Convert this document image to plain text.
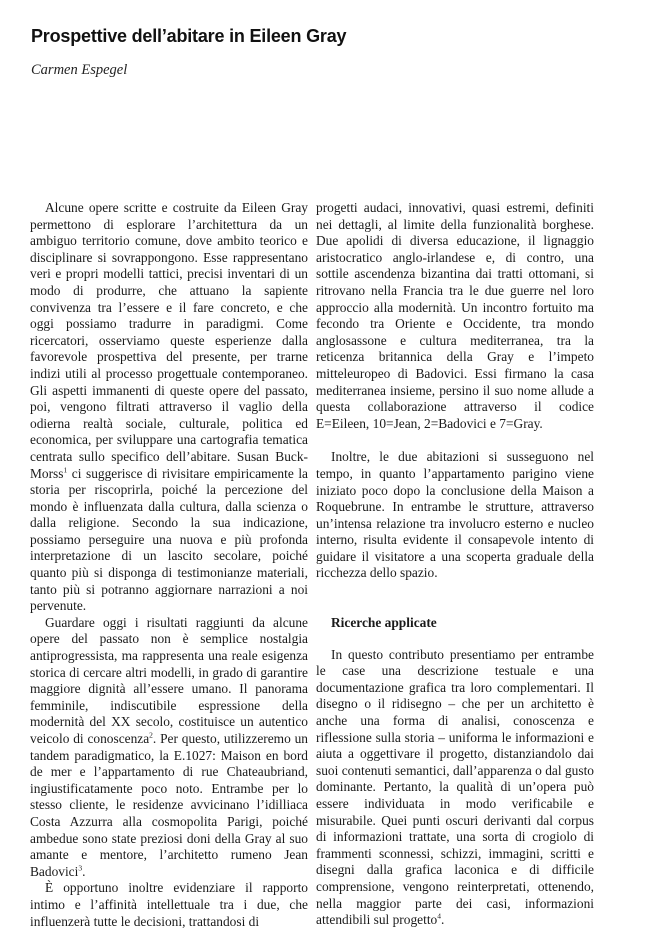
Prospettive dell’abitare in Eileen Gray

Carmen Espegel

Alcune opere scritte e costruite da Eileen Gray permettono di esplorare l’architettura da un ambiguo territorio comune, dove ambito teorico e disciplinare si sovrappongono. Esse rappresentano veri e propri modelli tattici, precisi inventari di un modo di produrre, che attuano la sapiente convivenza tra l’essere e il fare concreto, e che oggi possiamo tradurre in paradigmi. Come ricercatori, osserviamo queste esperienze dalla favorevole prospettiva del presente, per trarne indizi utili al processo progettuale contemporaneo. Gli aspetti immanenti di queste opere del passato, poi, vengono filtrati attraverso il vaglio della odierna realtà sociale, culturale, politica ed economica, per sviluppare una cartografia tematica centrata sullo specifico dell’abitare. Susan Buck-Morss$^1$ ci suggerisce di rivisitare empiricamente la storia per riscoprirla, poiché la percezione del mondo è influenzata dalla cultura, dalla scienza o dalla religione. Secondo la sua indicazione, possiamo perseguire una nuova e più profonda interpretazione di un lascito secolare, poiché quanto più si disponga di testimonianze materiali, tanto più si potranno aggiornare narrazioni a noi pervenute.

Guardare oggi i risultati raggiunti da alcune opere del passato non è semplice nostalgia antiprogressista, ma rappresenta una reale esigenza storica di cercare altri modelli, in grado di garantire maggiore dignità all’essere umano. Il panorama femminile, indiscutibile espressione della modernità del XX secolo, costituisce un autentico veicolo di conoscenza$^2$. Per questo, utilizzeremo un tandem paradigmatico, la E.1027: Maison en bord de mer e l’appartamento di rue Chateaubriand, ingiustificatamente poco noto. Entrambe per lo stesso cliente, le residenze avvicinano l’idilliaca Costa Azzurra alla cosmopolita Parigi, poiché ambedue sono state preziosi doni della Gray al suo amante e mentore, l’architetto rumeno Jean Badovici$^3$.

È opportuno inoltre evidenziare il rapporto intimo e l’affinità intellettuale tra i due, che influenzerà tutte le decisioni, trattandosi di

progetti audaci, innovativi, quasi estremi, definiti nei dettagli, al limite della funzionalità borghese. Due apolidi di diversa educazione, il lignaggio aristocratico anglo-irlandese e, di contro, una sottile ascendenza bizantina dai tratti ottomani, si ritrovano nella Francia tra le due guerre nel loro approccio alla modernità. Un incontro fortuito ma fecondo tra Oriente e Occidente, tra mondo anglosassone e cultura mediterranea, tra la reticenza britannica della Gray e l’impeto mitteleuropeo di Badovici. Essi firmano la casa mediterranea insieme, persino il suo nome allude a questa collaborazione attraverso il codice E=Eileen, 10=Jean, 2=Badovici e 7=Gray.

Inoltre, le due abitazioni si susseguono nel tempo, in quanto l’appartamento parigino viene iniziato poco dopo la conclusione della Maison a Roquebrune. In entrambe le strutture, attraverso un’intensa relazione tra involucro esterno e nucleo interno, risulta evidente il consapevole intento di guidare il visitatore a una scoperta graduale della ricchezza dello spazio.

Ricerche applicate

In questo contributo presentiamo per entrambe le case una descrizione testuale e una documentazione grafica tra loro complementari. Il disegno o il ridisegno – che per un architetto è anche una forma di analisi, conoscenza e riflessione sulla storia – uniforma le informazioni e aiuta a oggettivare il progetto, distanziandolo dai suoi contenuti semantici, dall’apparenza o dal gusto dominante. Pertanto, la qualità di un’opera può essere individuata in modo verificabile e misurabile. Quei punti oscuri derivanti dal corpus di informazioni trattate, una sorta di crogiolo di frammenti sconnessi, schizzi, immagini, scritti e disegni dalla grafica laconica e di difficile comprensione, vengono reinterpretati, ottenendo, nella maggior parte dei casi, informazioni attendibili sul progetto$^4$.
